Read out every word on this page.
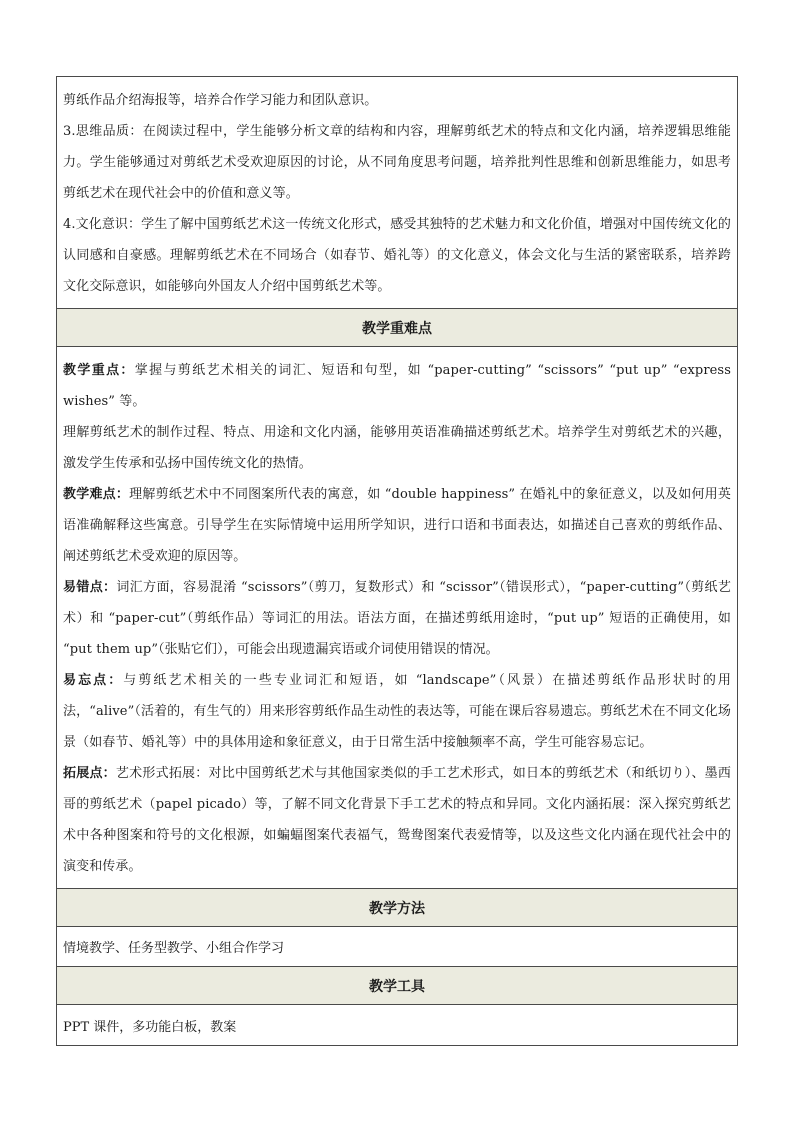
剪纸作品介绍海报等，培养合作学习能力和团队意识。

3.思维品质：在阅读过程中，学生能够分析文章的结构和内容，理解剪纸艺术的特点和文化内涵，培养逻辑思维能力。学生能够通过对剪纸艺术受欢迎原因的讨论，从不同角度思考问题，培养批判性思维和创新思维能力，如思考剪纸艺术在现代社会中的价值和意义等。

4.文化意识：学生了解中国剪纸艺术这一传统文化形式，感受其独特的艺术魅力和文化价值，增强对中国传统文化的认同感和自豪感。理解剪纸艺术在不同场合（如春节、婚礼等）的文化意义，体会文化与生活的紧密联系，培养跨文化交际意识，如能够向外国友人介绍中国剪纸艺术等。

教学重难点

教学重点：掌握与剪纸艺术相关的词汇、短语和句型，如 “paper-cutting” “scissors” “put up” “express wishes” 等。

理解剪纸艺术的制作过程、特点、用途和文化内涵，能够用英语准确描述剪纸艺术。培养学生对剪纸艺术的兴趣，激发学生传承和弘扬中国传统文化的热情。

教学难点：理解剪纸艺术中不同图案所代表的寓意，如 “double happiness” 在婚礼中的象征意义，以及如何用英语准确解释这些寓意。引导学生在实际情境中运用所学知识，进行口语和书面表达，如描述自己喜欢的剪纸作品、阐述剪纸艺术受欢迎的原因等。

易错点：词汇方面，容易混淆 “scissors”（剪刀，复数形式）和 “scissor”（错误形式），“paper-cutting”（剪纸艺术）和 “paper-cut”（剪纸作品）等词汇的用法。语法方面，在描述剪纸用途时，“put up” 短语的正确使用，如 “put them up”（张贴它们），可能会出现遗漏宾语或介词使用错误的情况。

易忘点：与剪纸艺术相关的一些专业词汇和短语，如 “landscape”（风景）在描述剪纸作品形状时的用法，“alive”（活着的，有生气的）用来形容剪纸作品生动性的表达等，可能在课后容易遗忘。剪纸艺术在不同文化场景（如春节、婚礼等）中的具体用途和象征意义，由于日常生活中接触频率不高，学生可能容易忘记。

拓展点：艺术形式拓展：对比中国剪纸艺术与其他国家类似的手工艺术形式，如日本的剪纸艺术（和纸切り）、墨西哥的剪纸艺术（papel picado）等，了解不同文化背景下手工艺术的特点和异同。文化内涵拓展：深入探究剪纸艺术中各种图案和符号的文化根源，如蝙蝠图案代表福气，鸳鸯图案代表爱情等，以及这些文化内涵在现代社会中的演变和传承。

教学方法

情境教学、任务型教学、小组合作学习

教学工具

PPT 课件，多功能白板，教案
